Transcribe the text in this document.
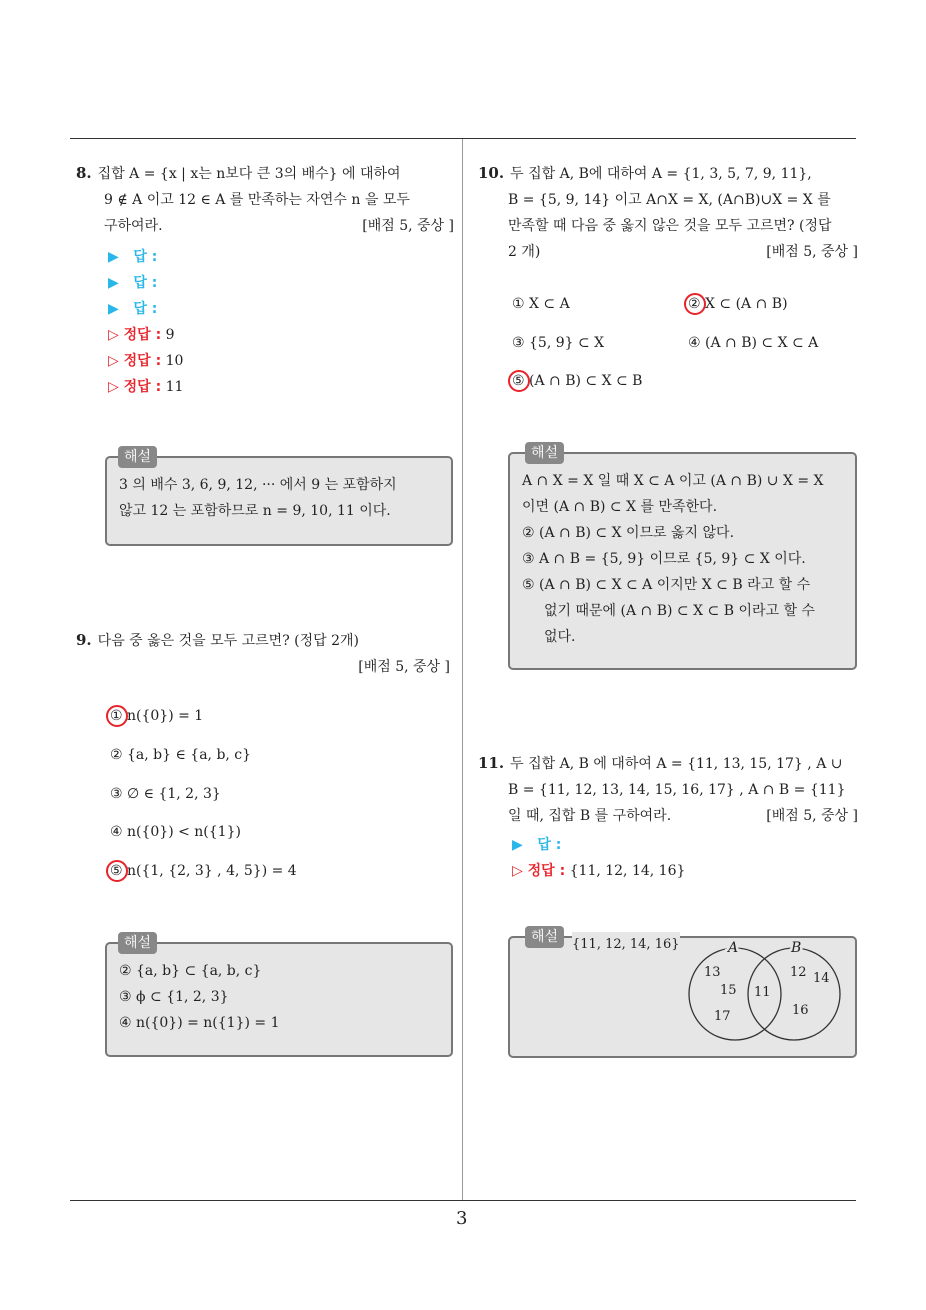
8. 집합 A = {x | x는 n보다 큰 3의 배수} 에 대하여
9 ∉ A 이고 12 ∈ A 를 만족하는 자연수 n 을 모두
구하여라.	[배점 5, 중상 ]
▶   답 :
▶   답 :
▶   답 :
▷ 정답 : 9
▷ 정답 : 10
▷ 정답 : 11
3 의 배수 3, 6, 9, 12, ··· 에서 9 는 포함하지
않고 12 는 포함하므로 n = 9, 10, 11 이다.
해설
9. 다음 중 옳은 것을 모두 고르면? (정답 2개)
[배점 5, 중상 ]
① n({0}) = 1
② {a, b} ∈ {a, b, c}
③ ∅ ∈ {1, 2, 3}
④ n({0}) < n({1})
⑤ n({1, {2, 3} , 4, 5}) = 4
② {a, b} ⊂ {a, b, c}
③ ϕ ⊂ {1, 2, 3}
④ n({0}) = n({1}) = 1
해설
10. 두 집합 A, B에 대하여 A = {1, 3, 5, 7, 9, 11},
B = {5, 9, 14} 이고 A∩X = X, (A∩B)∪X = X 를
만족할 때 다음 중 옳지 않은 것을 모두 고르면? (정답
2 개)	[배점 5, 중상 ]
① X ⊂ A	② X ⊂ (A ∩ B)
③ {5, 9} ⊂ X	④ (A ∩ B) ⊂ X ⊂ A
⑤ (A ∩ B) ⊂ X ⊂ B
A ∩ X = X 일 때 X ⊂ A 이고 (A ∩ B) ∪ X = X
이면 (A ∩ B) ⊂ X 를 만족한다.
② (A ∩ B) ⊂ X 이므로 옳지 않다.
③ A ∩ B = {5, 9} 이므로 {5, 9} ⊂ X 이다.
⑤ (A ∩ B) ⊂ X ⊂ A 이지만 X ⊂ B 라고 할 수
없기 때문에 (A ∩ B) ⊂ X ⊂ B 이라고 할 수
없다.
해설
11. 두 집합 A, B 에 대하여 A = {11, 13, 15, 17} , A ∪
B = {11, 12, 13, 14, 15, 16, 17} , A ∩ B = {11}
일 때, 집합 B 를 구하여라.	[배점 5, 중상 ]
▶   답 :
▷ 정답 : {11, 12, 14, 16}
{11, 12, 14, 16}	A	B
13
15
17
11
12 14
16
해설
3
